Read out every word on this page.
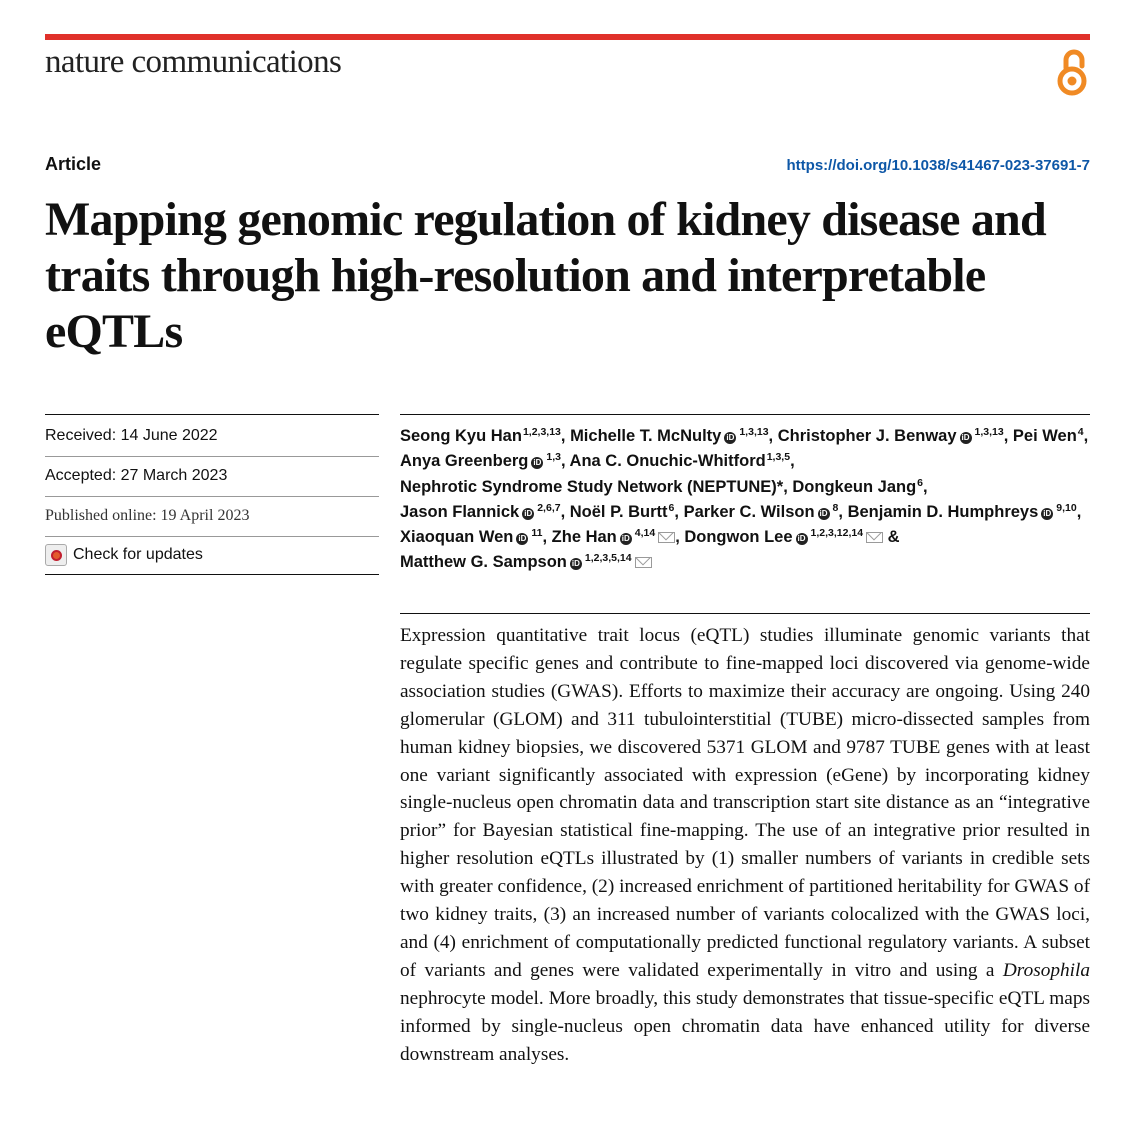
nature communications
Article	https://doi.org/10.1038/s41467-023-37691-7
Mapping genomic regulation of kidney disease and traits through high-resolution and interpretable eQTLs
Received: 14 June 2022
Accepted: 27 March 2023
Published online: 19 April 2023
Check for updates
Seong Kyu Han$^{1,2,3,13}$, Michelle T. McNulty iD $^{1,3,13}$, Christopher J. Benway iD $^{1,3,13}$, Pei Wen$^4$, Anya Greenberg iD $^{1,3}$, Ana C. Onuchic-Whitford$^{1,3,5}$, Nephrotic Syndrome Study Network (NEPTUNE)*, Dongkeun Jang$^6$, Jason Flannick iD $^{2,6,7}$, Noël P. Burtt$^6$, Parker C. Wilson iD $^8$, Benjamin D. Humphreys iD $^{9,10}$, Xiaoquan Wen iD $^{11}$, Zhe Han iD $^{4,14}$ , Dongwon Lee iD $^{1,2,3,12,14}$ & Matthew G. Sampson iD $^{1,2,3,5,14}$

Expression quantitative trait locus (eQTL) studies illuminate genomic variants that regulate specific genes and contribute to fine-mapped loci discovered via genome-wide association studies (GWAS). Efforts to maximize their accuracy are ongoing. Using 240 glomerular (GLOM) and 311 tubulointerstitial (TUBE) micro-dissected samples from human kidney biopsies, we discovered 5371 GLOM and 9787 TUBE genes with at least one variant significantly associated with expression (eGene) by incorporating kidney single-nucleus open chromatin data and transcription start site distance as an “integrative prior” for Bayesian statistical fine-mapping. The use of an integrative prior resulted in higher resolution eQTLs illustrated by (1) smaller numbers of variants in credible sets with greater confidence, (2) increased enrichment of partitioned heritability for GWAS of two kidney traits, (3) an increased number of variants colocalized with the GWAS loci, and (4) enrichment of computationally predicted functional regulatory variants. A subset of variants and genes were validated experimentally in vitro and using a Drosophila nephrocyte model. More broadly, this study demonstrates that tissue-specific eQTL maps informed by single-nucleus open chromatin data have enhanced utility for diverse downstream analyses.
